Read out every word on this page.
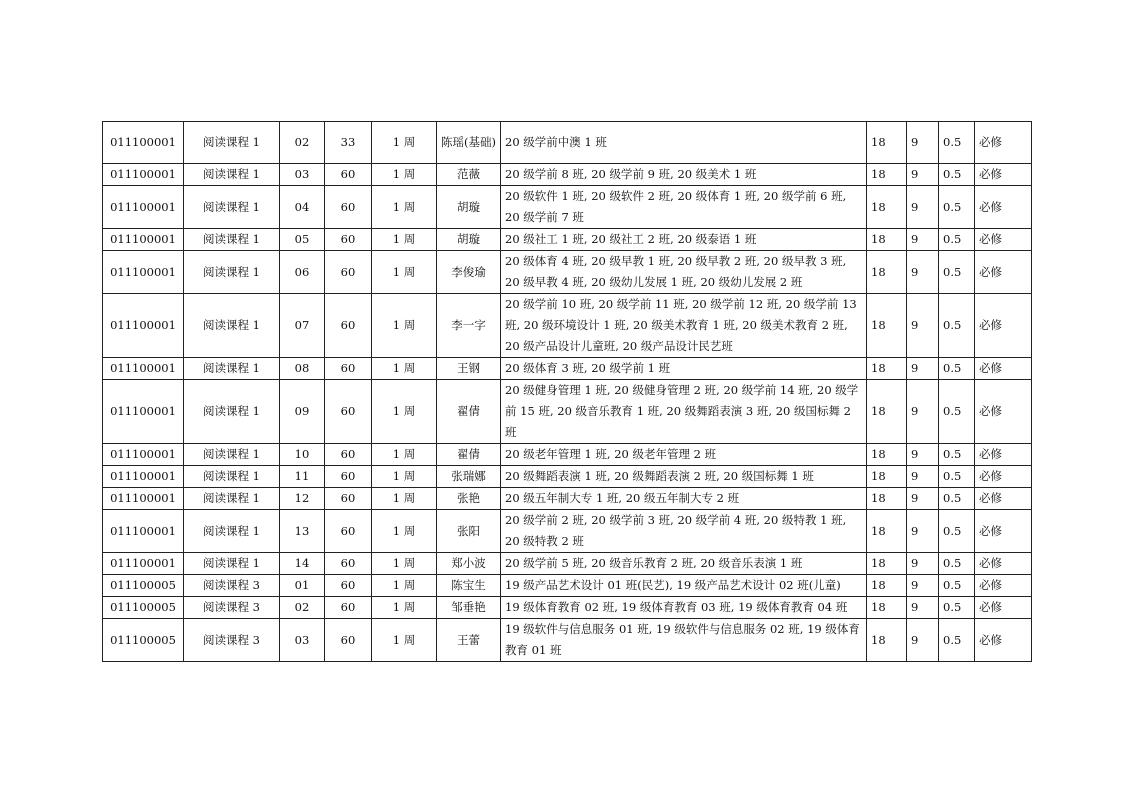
011100001	阅读课程 1	02	33	1 周	陈瑶(基础)	20 级学前中澳 1 班	18	9	0.5	必修
011100001	阅读课程 1	03	60	1 周	范薇	20 级学前 8 班, 20 级学前 9 班, 20 级美术 1 班	18	9	0.5	必修
011100001	阅读课程 1	04	60	1 周	胡璇	20 级软件 1 班, 20 级软件 2 班, 20 级体育 1 班, 20 级学前 6 班, 20 级学前 7 班	18	9	0.5	必修
011100001	阅读课程 1	05	60	1 周	胡璇	20 级社工 1 班, 20 级社工 2 班, 20 级泰语 1 班	18	9	0.5	必修
011100001	阅读课程 1	06	60	1 周	李俊瑜	20 级体育 4 班, 20 级早教 1 班, 20 级早教 2 班, 20 级早教 3 班, 20 级早教 4 班, 20 级幼儿发展 1 班, 20 级幼儿发展 2 班	18	9	0.5	必修
011100001	阅读课程 1	07	60	1 周	李一字	20 级学前 10 班, 20 级学前 11 班, 20 级学前 12 班, 20 级学前 13 班, 20 级环境设计 1 班, 20 级美术教育 1 班, 20 级美术教育 2 班, 20 级产品设计儿童班, 20 级产品设计民艺班	18	9	0.5	必修
011100001	阅读课程 1	08	60	1 周	王钢	20 级体育 3 班, 20 级学前 1 班	18	9	0.5	必修
011100001	阅读课程 1	09	60	1 周	翟倩	20 级健身管理 1 班, 20 级健身管理 2 班, 20 级学前 14 班, 20 级学前 15 班, 20 级音乐教育 1 班, 20 级舞蹈表演 3 班, 20 级国标舞 2 班	18	9	0.5	必修
011100001	阅读课程 1	10	60	1 周	翟倩	20 级老年管理 1 班, 20 级老年管理 2 班	18	9	0.5	必修
011100001	阅读课程 1	11	60	1 周	张瑞娜	20 级舞蹈表演 1 班, 20 级舞蹈表演 2 班, 20 级国标舞 1 班	18	9	0.5	必修
011100001	阅读课程 1	12	60	1 周	张艳	20 级五年制大专 1 班, 20 级五年制大专 2 班	18	9	0.5	必修
011100001	阅读课程 1	13	60	1 周	张阳	20 级学前 2 班, 20 级学前 3 班, 20 级学前 4 班, 20 级特教 1 班, 20 级特教 2 班	18	9	0.5	必修
011100001	阅读课程 1	14	60	1 周	郑小波	20 级学前 5 班, 20 级音乐教育 2 班, 20 级音乐表演 1 班	18	9	0.5	必修
011100005	阅读课程 3	01	60	1 周	陈宝生	19 级产品艺术设计 01 班(民艺), 19 级产品艺术设计 02 班(儿童)	18	9	0.5	必修
011100005	阅读课程 3	02	60	1 周	邹垂艳	19 级体育教育 02 班, 19 级体育教育 03 班, 19 级体育教育 04 班	18	9	0.5	必修
011100005	阅读课程 3	03	60	1 周	王蕾	19 级软件与信息服务 01 班, 19 级软件与信息服务 02 班, 19 级体育教育 01 班	18	9	0.5	必修
